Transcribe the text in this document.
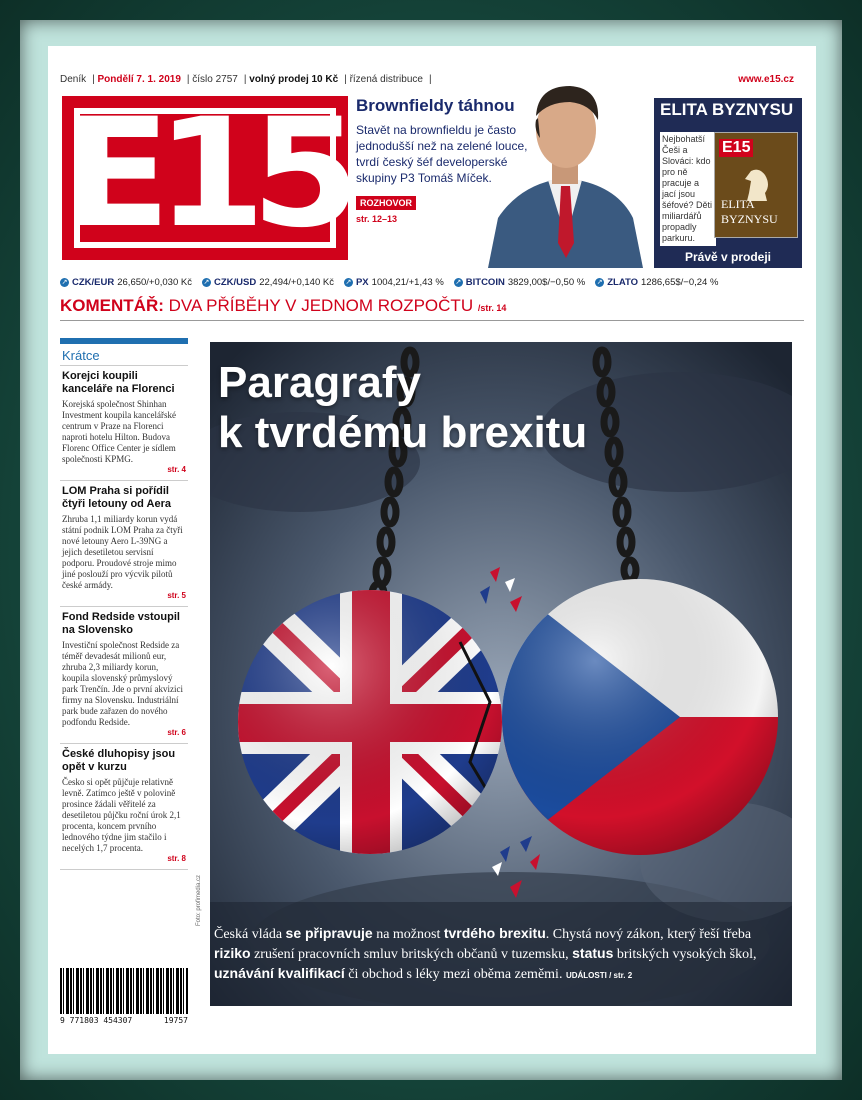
Deník | Pondělí 7. 1. 2019 | číslo 2757 | volný prodej 10 Kč | řízená distribuce |	www.e15.cz
E15 Brownfieldy táhnou

Stavět na brownfieldu je často jednodušší než na zelené louce, tvrdí český šéf developerské skupiny P3 Tomáš Míček.

ROZHOVOR
str. 12–13
ELITA BYZNYSU
Nejbohatší Češi a Slováci: kdo pro ně pracuje a jací jsou šéfové? Děti miliardářů propadly parkuru.
E15
ELITA BYZNYSU
Právě v prodeji
↗ CZK/EUR 26,650/+0,030 Kč ↗ CZK/USD 22,494/+0,140 Kč ↗ PX 1004,21/+1,43 % ↗ BITCOIN 3829,00$/−0,50 % ↗ ZLATO 1286,65$/−0,24 %
KOMENTÁŘ: DVA PŘÍBĚHY V JEDNOM ROZPOČTU /str. 14
Krátce
Korejci koupili kanceláře na Florenci

Korejská společnost Shinhan Investment koupila kancelářské centrum v Praze na Florenci naproti hotelu Hilton. Budova Florenc Office Center je sídlem společnosti KPMG.

str. 4
LOM Praha si pořídil čtyři letouny od Aera

Zhruba 1,1 miliardy korun vydá státní podnik LOM Praha za čtyři nové letouny Aero L-39NG a jejich desetiletou servisní podporu. Proudové stroje mimo jiné poslouží pro výcvik pilotů české armády.

str. 5
Fond Redside vstoupil na Slovensko

Investiční společnost Redside za téměř devadesát milionů eur, zhruba 2,3 miliardy korun, koupila slovenský průmyslový park Trenčín. Jde o první akvizici firmy na Slovensku. Industriální park bude zařazen do nového podfondu Redside.

str. 6
České dluhopisy jsou opět v kurzu

Česko si opět půjčuje relativně levně. Zatímco ještě v polovině prosince žádali věřitelé za desetiletou půjčku roční úrok 2,1 procenta, koncem prvního lednového týdne jim stačilo i necelých 1,7 procenta.

str. 8
9 771803 454307	19757
Paragrafy
k tvrdému brexitu
Česká vláda se připravuje na možnost tvrdého brexitu. Chystá nový zákon, který řeší třeba riziko zrušení pracovních smluv britských občanů v tuzemsku, status britských vysokých škol, uznávání kvalifikací či obchod s léky mezi oběma zeměmi. UDÁLOSTI / str. 2
Foto: profimedia.cz
